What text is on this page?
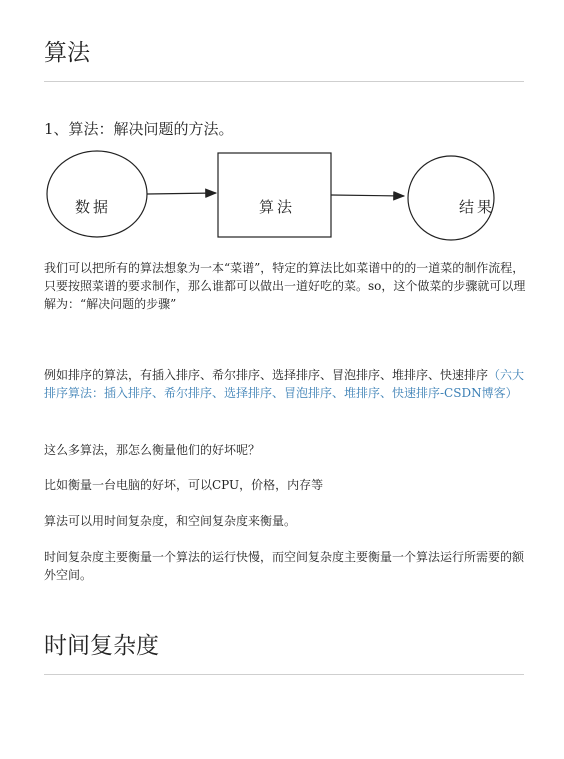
算法
1、算法：解决问题的方法。
数据	算法	结果

我们可以把所有的算法想象为一本“菜谱”，特定的算法比如菜谱中的的一道菜的制作流程，只要按照菜谱的要求制作，那么谁都可以做出一道好吃的菜。so，这个做菜的步骤就可以理解为：“解决问题的步骤”

例如排序的算法，有插入排序、希尔排序、选择排序、冒泡排序、堆排序、快速排序（六大排序算法：插入排序、希尔排序、选择排序、冒泡排序、堆排序、快速排序-CSDN博客）

这么多算法，那怎么衡量他们的好坏呢？

比如衡量一台电脑的好坏，可以CPU，价格，内存等

算法可以用时间复杂度，和空间复杂度来衡量。

时间复杂度主要衡量一个算法的运行快慢，而空间复杂度主要衡量一个算法运行所需要的额外空间。

时间复杂度
